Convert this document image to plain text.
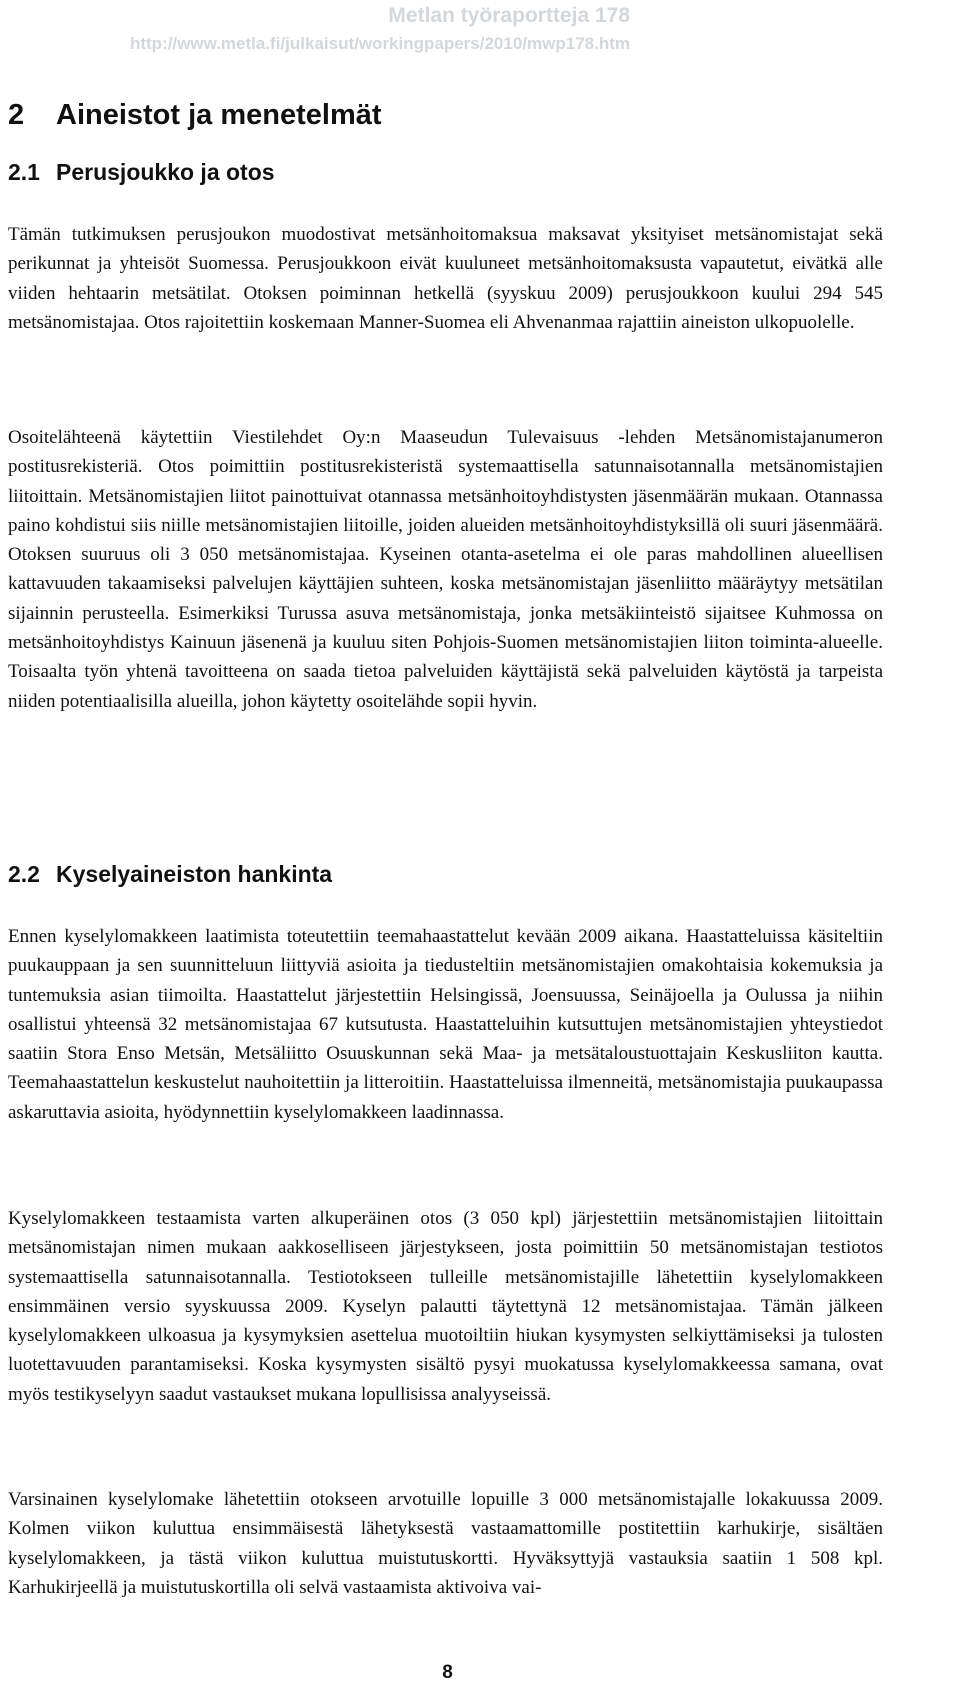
Metlan työraportteja 178
http://www.metla.fi/julkaisut/workingpapers/2010/mwp178.htm
2 Aineistot ja menetelmät
2.1 Perusjoukko ja otos

Tämän tutkimuksen perusjoukon muodostivat metsänhoitomaksua maksavat yksityiset metsänomistajat sekä perikunnat ja yhteisöt Suomessa. Perusjoukkoon eivät kuuluneet metsänhoitomaksusta vapautetut, eivätkä alle viiden hehtaarin metsätilat. Otoksen poiminnan hetkellä (syyskuu 2009) perusjoukkoon kuului 294 545 metsänomistajaa. Otos rajoitettiin koskemaan Manner-Suomea eli Ahvenanmaa rajattiin aineiston ulkopuolelle.

Osoitelähteenä käytettiin Viestilehdet Oy:n Maaseudun Tulevaisuus -lehden Metsänomistajanumeron postitusrekisteriä. Otos poimittiin postitusrekisteristä systemaattisella satunnaisotannalla metsänomistajien liitoittain. Metsänomistajien liitot painottuivat otannassa metsänhoitoyhdistysten jäsenmäärän mukaan. Otannassa paino kohdistui siis niille metsänomistajien liitoille, joiden alueiden metsänhoitoyhdistyksillä oli suuri jäsenmäärä. Otoksen suuruus oli 3 050 metsänomistajaa. Kyseinen otanta-asetelma ei ole paras mahdollinen alueellisen kattavuuden takaamiseksi palvelujen käyttäjien suhteen, koska metsänomistajan jäsenliitto määräytyy metsätilan sijainnin perusteella. Esimerkiksi Turussa asuva metsänomistaja, jonka metsäkiinteistö sijaitsee Kuhmossa on metsänhoitoyhdistys Kainuun jäsenenä ja kuuluu siten Pohjois-Suomen metsänomistajien liiton toiminta-alueelle. Toisaalta työn yhtenä tavoitteena on saada tietoa palveluiden käyttäjistä sekä palveluiden käytöstä ja tarpeista niiden potentiaalisilla alueilla, johon käytetty osoitelähde sopii hyvin.

2.2 Kyselyaineiston hankinta

Ennen kyselylomakkeen laatimista toteutettiin teemahaastattelut kevään 2009 aikana. Haastatteluissa käsiteltiin puukauppaan ja sen suunnitteluun liittyviä asioita ja tiedusteltiin metsänomistajien omakohtaisia kokemuksia ja tuntemuksia asian tiimoilta. Haastattelut järjestettiin Helsingissä, Joensuussa, Seinäjoella ja Oulussa ja niihin osallistui yhteensä 32 metsänomistajaa 67 kutsutusta. Haastatteluihin kutsuttujen metsänomistajien yhteystiedot saatiin Stora Enso Metsän, Metsäliitto Osuuskunnan sekä Maa- ja metsätaloustuottajain Keskusliiton kautta. Teemahaastattelun keskustelut nauhoitettiin ja litteroitiin. Haastatteluissa ilmenneitä, metsänomistajia puukaupassa askaruttavia asioita, hyödynnettiin kyselylomakkeen laadinnassa.

Kyselylomakkeen testaamista varten alkuperäinen otos (3 050 kpl) järjestettiin metsänomistajien liitoittain metsänomistajan nimen mukaan aakkoselliseen järjestykseen, josta poimittiin 50 metsänomistajan testiotos systemaattisella satunnaisotannalla. Testiotokseen tulleille metsänomistajille lähetettiin kyselylomakkeen ensimmäinen versio syyskuussa 2009. Kyselyn palautti täytettynä 12 metsänomistajaa. Tämän jälkeen kyselylomakkeen ulkoasua ja kysymyksien asettelua muotoiltiin hiukan kysymysten selkiyttämiseksi ja tulosten luotettavuuden parantamiseksi. Koska kysymysten sisältö pysyi muokatussa kyselylomakkeessa samana, ovat myös testikyselyyn saadut vastaukset mukana lopullisissa analyyseissä.

Varsinainen kyselylomake lähetettiin otokseen arvotuille lopuille 3 000 metsänomistajalle lokakuussa 2009. Kolmen viikon kuluttua ensimmäisestä lähetyksestä vastaamattomille postitettiin karhukirje, sisältäen kyselylomakkeen, ja tästä viikon kuluttua muistutuskortti. Hyväksyttyjä vastauksia saatiin 1 508 kpl. Karhukirjeellä ja muistutuskortilla oli selvä vastaamista aktivoiva vai-

8
